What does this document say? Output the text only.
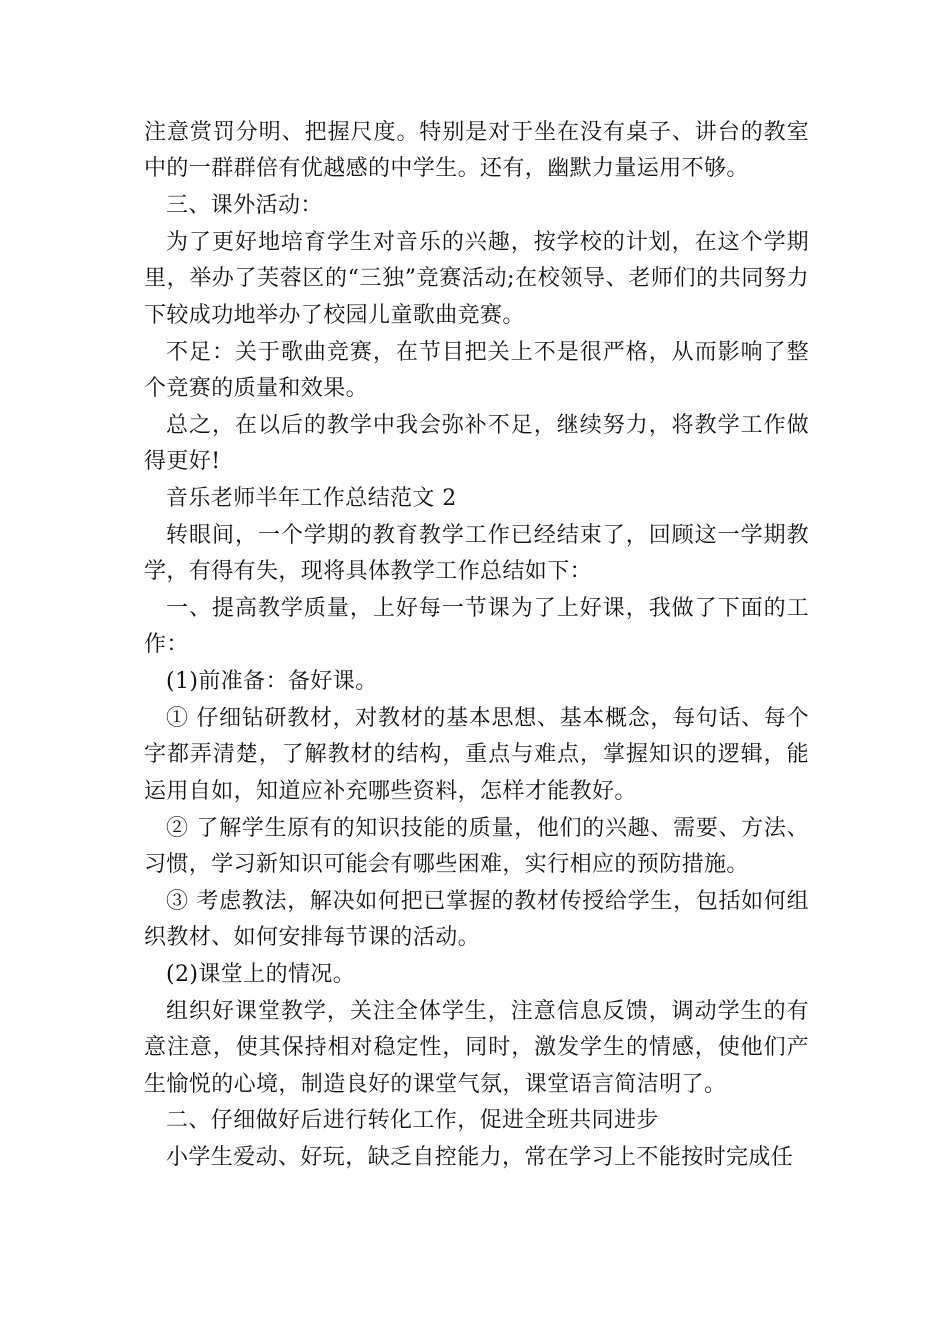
注意赏罚分明、把握尺度。特别是对于坐在没有桌子、讲台的教室中的一群群倍有优越感的中学生。还有，幽默力量运用不够。

三、课外活动：

为了更好地培育学生对音乐的兴趣，按学校的计划，在这个学期里，举办了芙蓉区的“三独”竞赛活动;在校领导、老师们的共同努力下较成功地举办了校园儿童歌曲竞赛。

不足：关于歌曲竞赛，在节目把关上不是很严格，从而影响了整个竞赛的质量和效果。

总之，在以后的教学中我会弥补不足，继续努力，将教学工作做得更好!

音乐老师半年工作总结范文 2

转眼间，一个学期的教育教学工作已经结束了，回顾这一学期教学，有得有失，现将具体教学工作总结如下：

一、提高教学质量，上好每一节课为了上好课，我做了下面的工作：

(1)前准备：备好课。

① 仔细钻研教材，对教材的基本思想、基本概念，每句话、每个字都弄清楚，了解教材的结构，重点与难点，掌握知识的逻辑，能运用自如，知道应补充哪些资料，怎样才能教好。

② 了解学生原有的知识技能的质量，他们的兴趣、需要、方法、习惯，学习新知识可能会有哪些困难，实行相应的预防措施。

③ 考虑教法，解决如何把已掌握的教材传授给学生，包括如何组织教材、如何安排每节课的活动。

(2)课堂上的情况。

组织好课堂教学，关注全体学生，注意信息反馈，调动学生的有意注意，使其保持相对稳定性，同时，激发学生的情感，使他们产生愉悦的心境，制造良好的课堂气氛，课堂语言简洁明了。

二、仔细做好后进行转化工作，促进全班共同进步

小学生爱动、好玩，缺乏自控能力，常在学习上不能按时完成任
